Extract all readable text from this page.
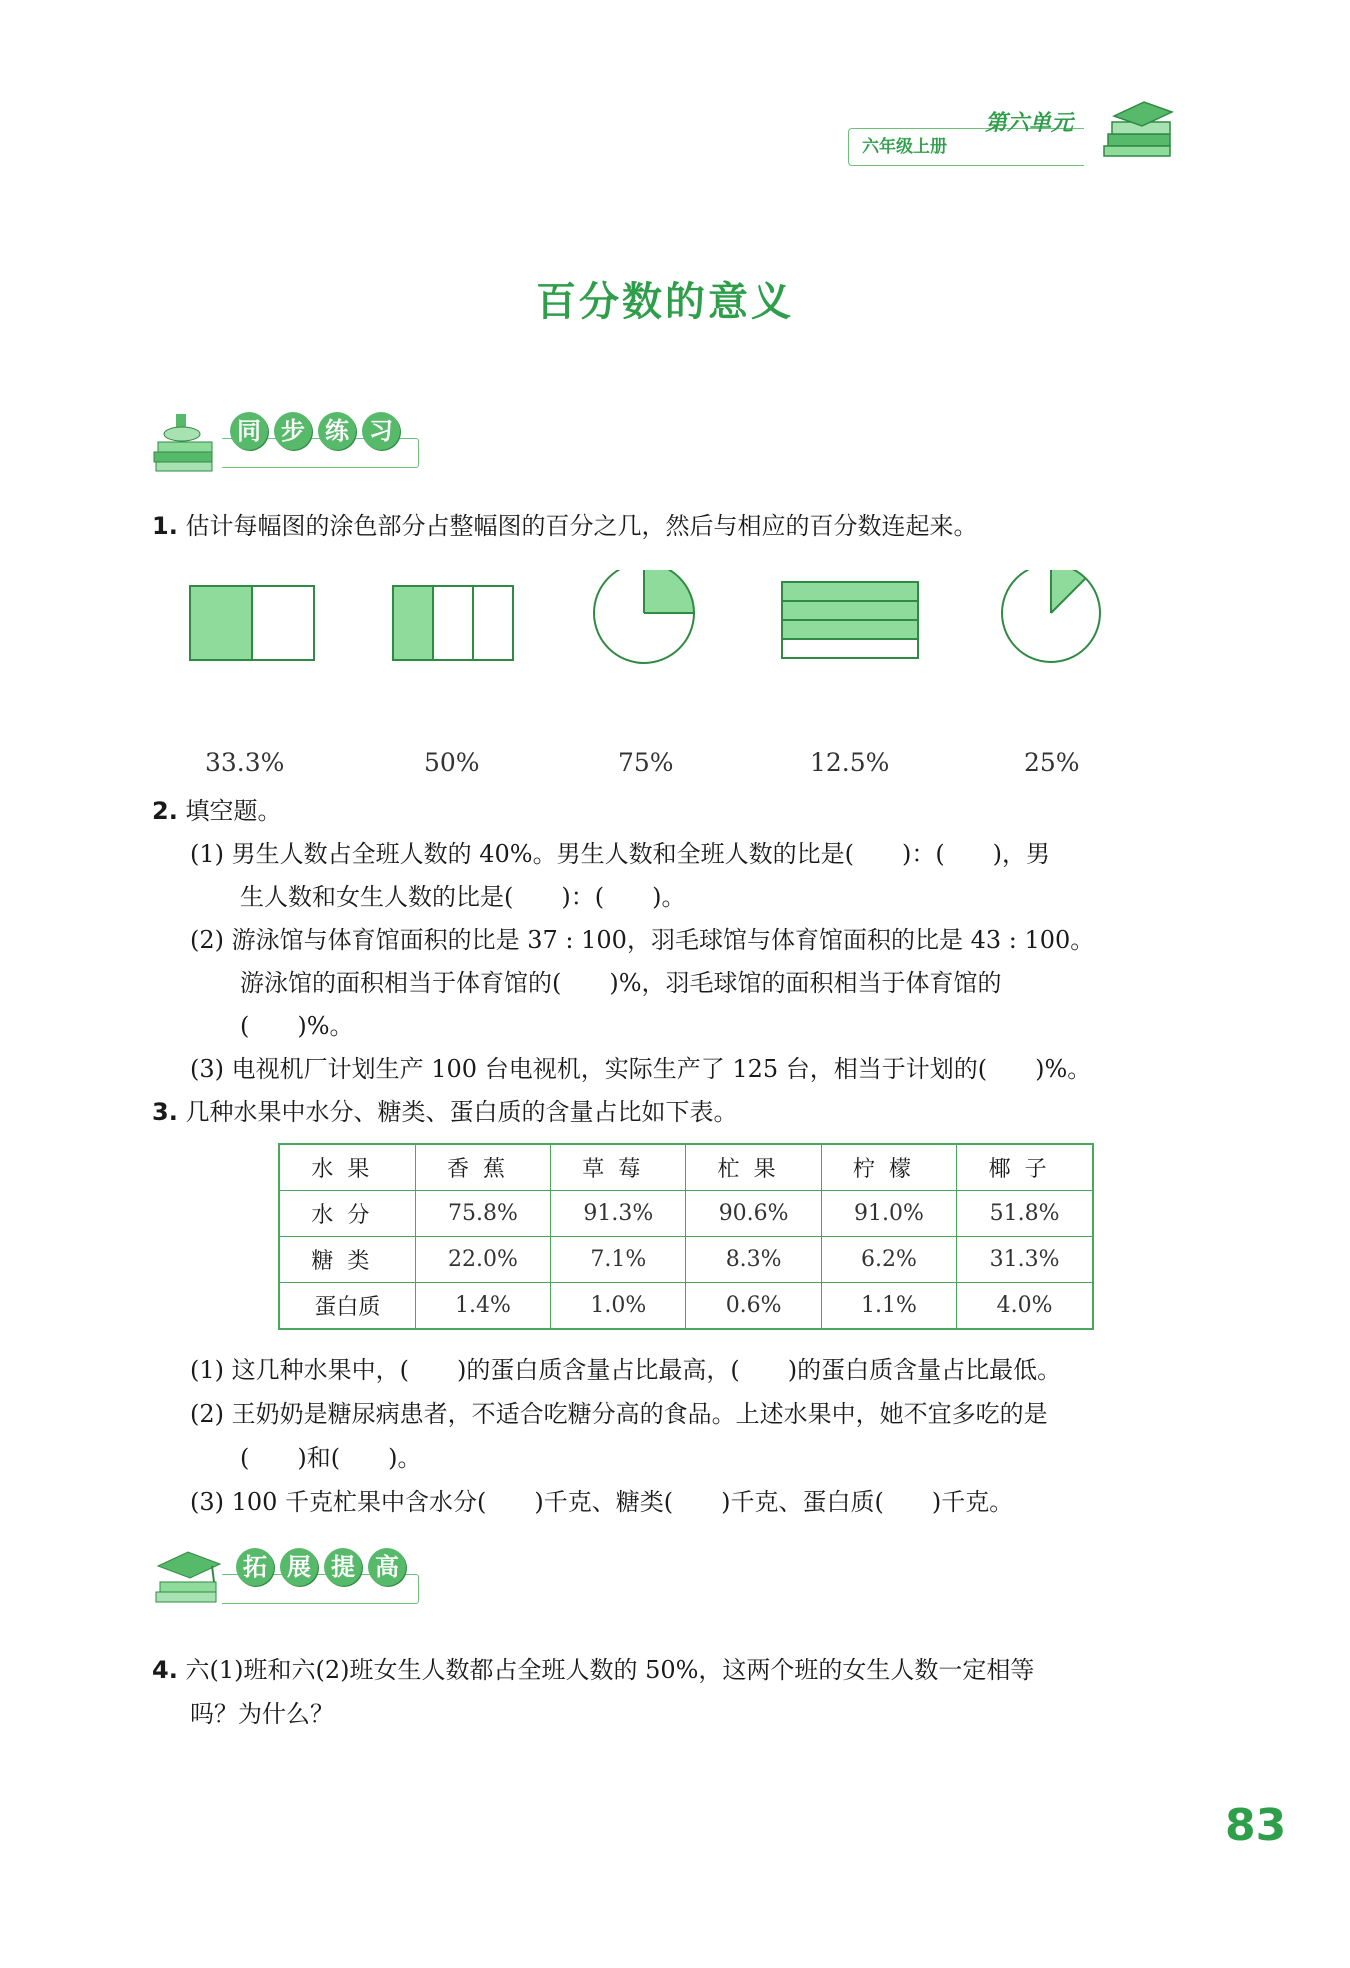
六年级上册
第六单元
百分数的意义
同 步 练 习
1. 估计每幅图的涂色部分占整幅图的百分之几，然后与相应的百分数连起来。
33.3%	50%	75%	12.5%	25%
2. 填空题。
(1) 男生人数占全班人数的 40%。男生人数和全班人数的比是(　　)：(　　)，男
生人数和女生人数的比是(　　)：(　　)。
(2) 游泳馆与体育馆面积的比是 37 : 100，羽毛球馆与体育馆面积的比是 43 : 100。
游泳馆的面积相当于体育馆的(　　)%，羽毛球馆的面积相当于体育馆的
(　　)%。
(3) 电视机厂计划生产 100 台电视机，实际生产了 125 台，相当于计划的(　　)%。
3. 几种水果中水分、糖类、蛋白质的含量占比如下表。
水果	香蕉	草莓	杧果	柠檬	椰子
水分	75.8%	91.3%	90.6%	91.0%	51.8%
糖类	22.0%	7.1%	8.3%	6.2%	31.3%
蛋白质	1.4%	1.0%	0.6%	1.1%	4.0%
(1) 这几种水果中，(　　)的蛋白质含量占比最高，(　　)的蛋白质含量占比最低。
(2) 王奶奶是糖尿病患者，不适合吃糖分高的食品。上述水果中，她不宜多吃的是
(　　)和(　　)。
(3) 100 千克杧果中含水分(　　)千克、糖类(　　)千克、蛋白质(　　)千克。
拓 展 提 高
4. 六(1)班和六(2)班女生人数都占全班人数的 50%，这两个班的女生人数一定相等
吗？为什么？
83
